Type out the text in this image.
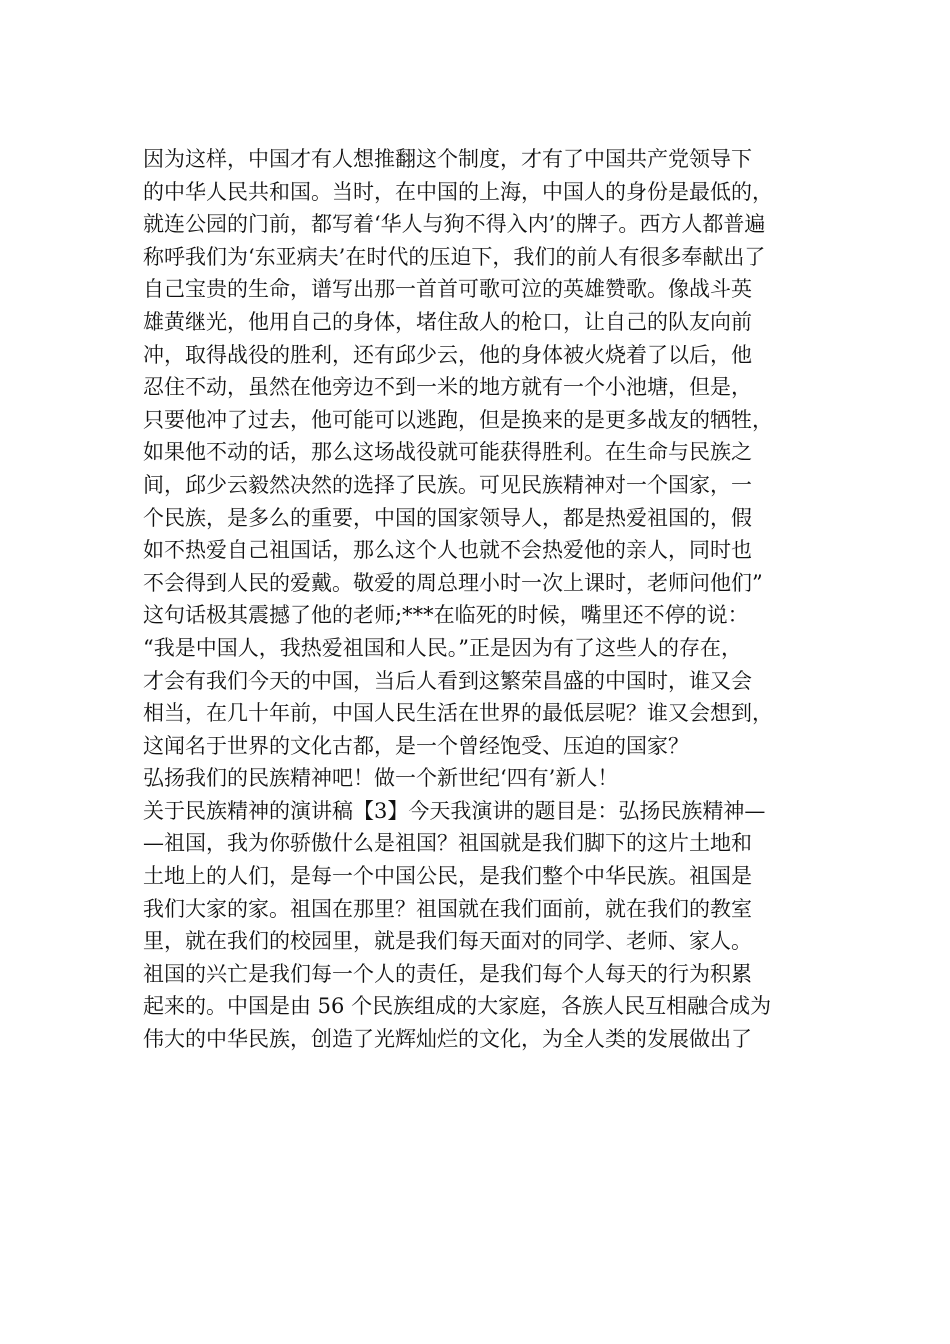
因为这样，中国才有人想推翻这个制度，才有了中国共产党领导下
的中华人民共和国。当时，在中国的上海，中国人的身份是最低的，
就连公园的门前，都写着‘华人与狗不得入内’的牌子。西方人都普遍
称呼我们为‘东亚病夫’在时代的压迫下，我们的前人有很多奉献出了
自己宝贵的生命，谱写出那一首首可歌可泣的英雄赞歌。像战斗英
雄黄继光，他用自己的身体，堵住敌人的枪口，让自己的队友向前
冲，取得战役的胜利，还有邱少云，他的身体被火烧着了以后，他
忍住不动，虽然在他旁边不到一米的地方就有一个小池塘，但是，
只要他冲了过去，他可能可以逃跑，但是换来的是更多战友的牺牲，
如果他不动的话，那么这场战役就可能获得胜利。在生命与民族之
间，邱少云毅然决然的选择了民族。可见民族精神对一个国家，一
个民族，是多么的重要，中国的国家领导人，都是热爱祖国的，假
如不热爱自己祖国话，那么这个人也就不会热爱他的亲人，同时也
不会得到人民的爱戴。敬爱的周总理小时一次上课时，老师问他们”
这句话极其震撼了他的老师;***在临死的时候，嘴里还不停的说：
“我是中国人，我热爱祖国和人民。”正是因为有了这些人的存在，
才会有我们今天的中国，当后人看到这繁荣昌盛的中国时，谁又会
相当，在几十年前，中国人民生活在世界的最低层呢？谁又会想到，
这闻名于世界的文化古都，是一个曾经饱受、压迫的国家？
弘扬我们的民族精神吧！做一个新世纪‘四有’新人！
关于民族精神的演讲稿【3】今天我演讲的题目是：弘扬民族精神—
—祖国，我为你骄傲什么是祖国？祖国就是我们脚下的这片土地和
土地上的人们，是每一个中国公民，是我们整个中华民族。祖国是
我们大家的家。祖国在那里？祖国就在我们面前，就在我们的教室
里，就在我们的校园里，就是我们每天面对的同学、老师、家人。
祖国的兴亡是我们每一个人的责任，是我们每个人每天的行为积累
起来的。中国是由 56 个民族组成的大家庭，各族人民互相融合成为
伟大的中华民族，创造了光辉灿烂的文化，为全人类的发展做出了
